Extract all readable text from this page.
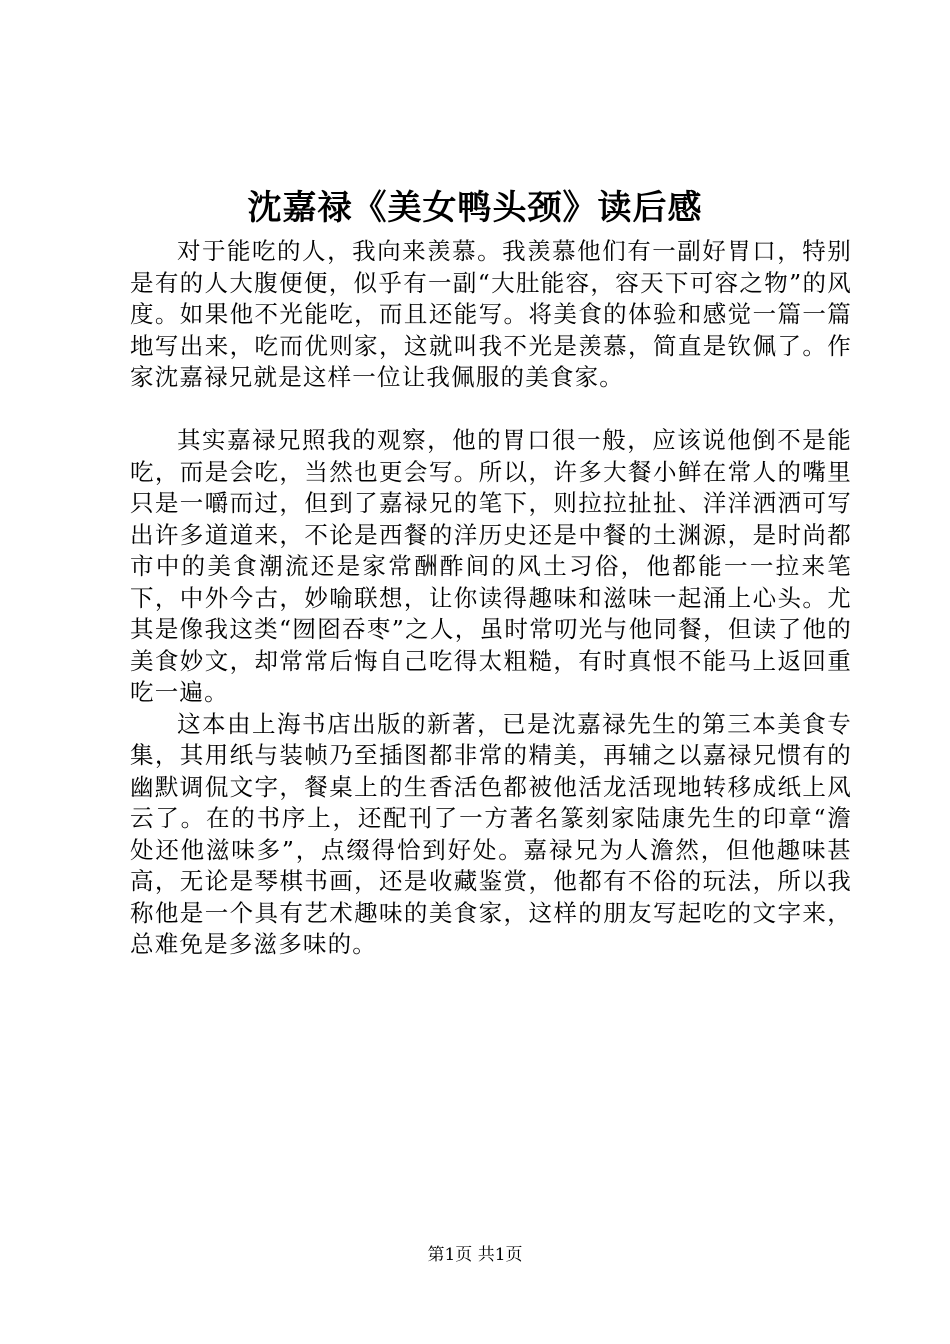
沈嘉禄《美女鸭头颈》读后感

对于能吃的人，我向来羡慕。我羡慕他们有一副好胃口，特别是有的人大腹便便，似乎有一副“大肚能容，容天下可容之物”的风度。如果他不光能吃，而且还能写。将美食的体验和感觉一篇一篇地写出来，吃而优则家，这就叫我不光是羡慕，简直是钦佩了。作家沈嘉禄兄就是这样一位让我佩服的美食家。

其实嘉禄兄照我的观察，他的胃口很一般，应该说他倒不是能吃，而是会吃，当然也更会写。所以，许多大餐小鲜在常人的嘴里只是一嚼而过，但到了嘉禄兄的笔下，则拉拉扯扯、洋洋洒洒可写出许多道道来，不论是西餐的洋历史还是中餐的土渊源，是时尚都市中的美食潮流还是家常酬酢间的风土习俗，他都能一一拉来笔下，中外今古，妙喻联想，让你读得趣味和滋味一起涌上心头。尤其是像我这类“囫囵吞枣”之人，虽时常叨光与他同餐，但读了他的美食妙文，却常常后悔自己吃得太粗糙，有时真恨不能马上返回重吃一遍。

这本由上海书店出版的新著，已是沈嘉禄先生的第三本美食专集，其用纸与装帧乃至插图都非常的精美，再辅之以嘉禄兄惯有的幽默调侃文字，餐桌上的生香活色都被他活龙活现地转移成纸上风云了。在的书序上，还配刊了一方著名篆刻家陆康先生的印章“澹处还他滋味多”，点缀得恰到好处。嘉禄兄为人澹然，但他趣味甚高，无论是琴棋书画，还是收藏鉴赏，他都有不俗的玩法，所以我称他是一个具有艺术趣味的美食家，这样的朋友写起吃的文字来，总难免是多滋多味的。

第1页 共1页
